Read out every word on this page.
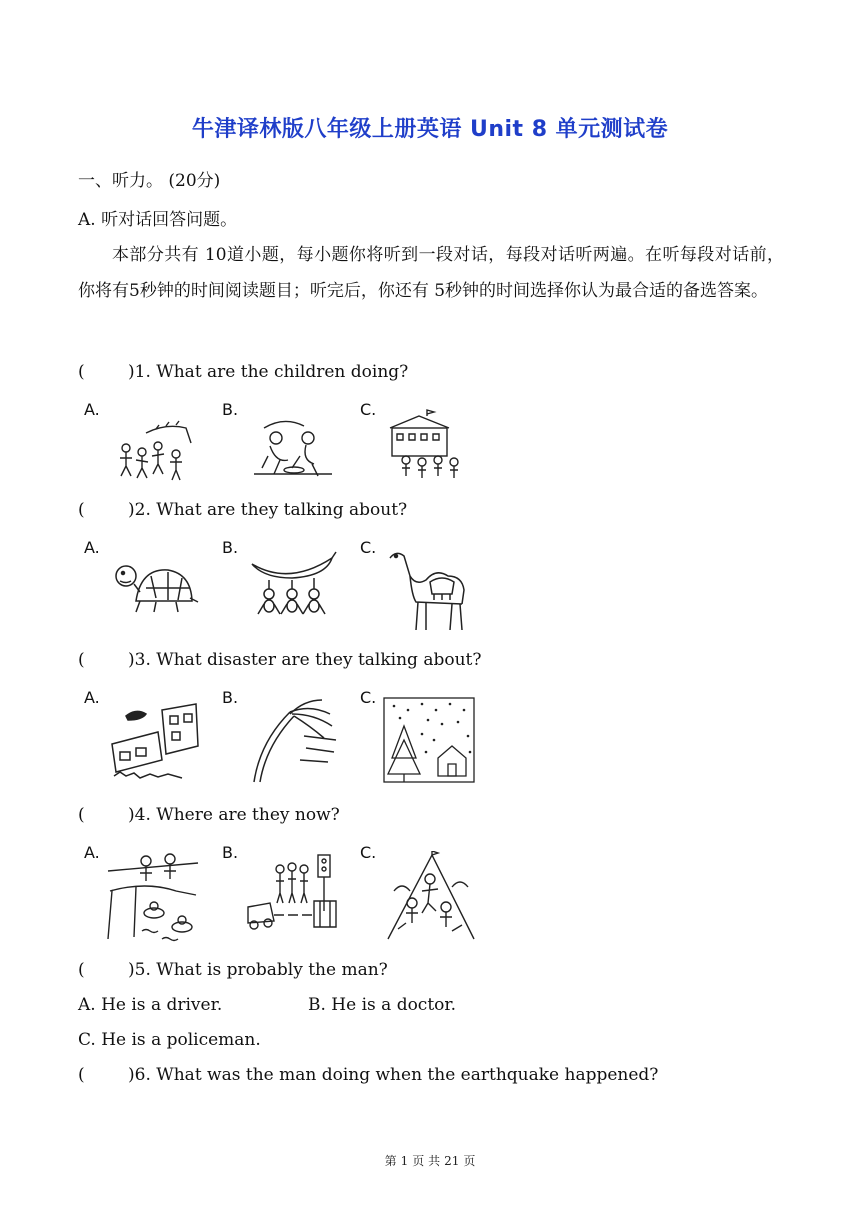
牛津译林版八年级上册英语 Unit 8 单元测试卷
一、听力。 (20分)
A. 听对话回答问题。
本部分共有 10道小题，每小题你将听到一段对话，每段对话听两遍。在听每段对话前，你将有5秒钟的时间阅读题目；听完后，你还有 5秒钟的时间选择你认为最合适的备选答案。
(	)1. What are the children doing?
A.	B.	C.
(	)2. What are they talking about?
A.	B.	C.
(	)3. What disaster are they talking about?
A.	B.	C.
(	)4. Where are they now?
A.	B.	C.
(	)5. What is probably the man?
A. He is a driver.	B. He is a doctor.
C. He is a policeman.
(	)6. What was the man doing when the earthquake happened?
第 1 页 共 21 页
